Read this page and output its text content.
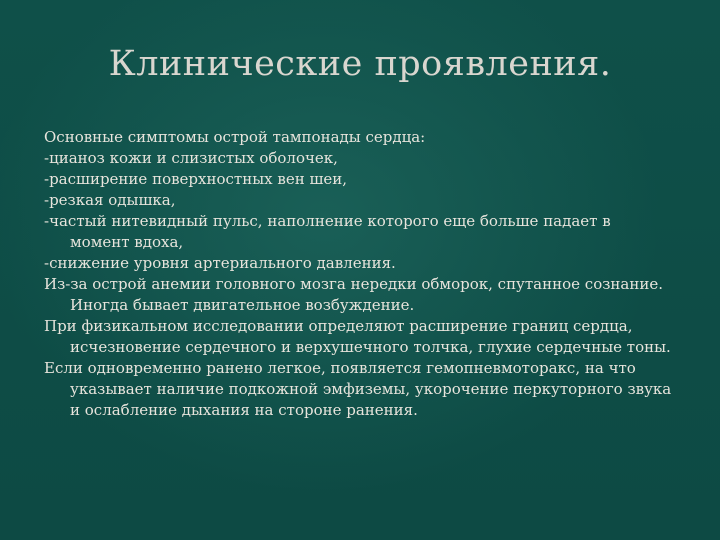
Клинические проявления.

Основные симптомы острой тампонады сердца:

-цианоз кожи и слизистых оболочек,

-расширение поверхностных вен шеи,

-резкая одышка,

-частый нитевидный пульс, наполнение которого еще больше падает в момент вдоха,

-снижение уровня артериального давления.

Из-за острой анемии головного мозга нередки обморок, спутанное сознание. Иногда бывает двигательное возбуждение.

При физикальном исследовании определяют расширение границ сердца, исчезновение сердечного и верхушечного толчка, глухие сердечные тоны.

Если одновременно ранено легкое, появляется гемопневмоторакс, на что указывает наличие подкожной эмфиземы, укорочение перкуторного звука и ослабление дыхания на стороне ранения.
